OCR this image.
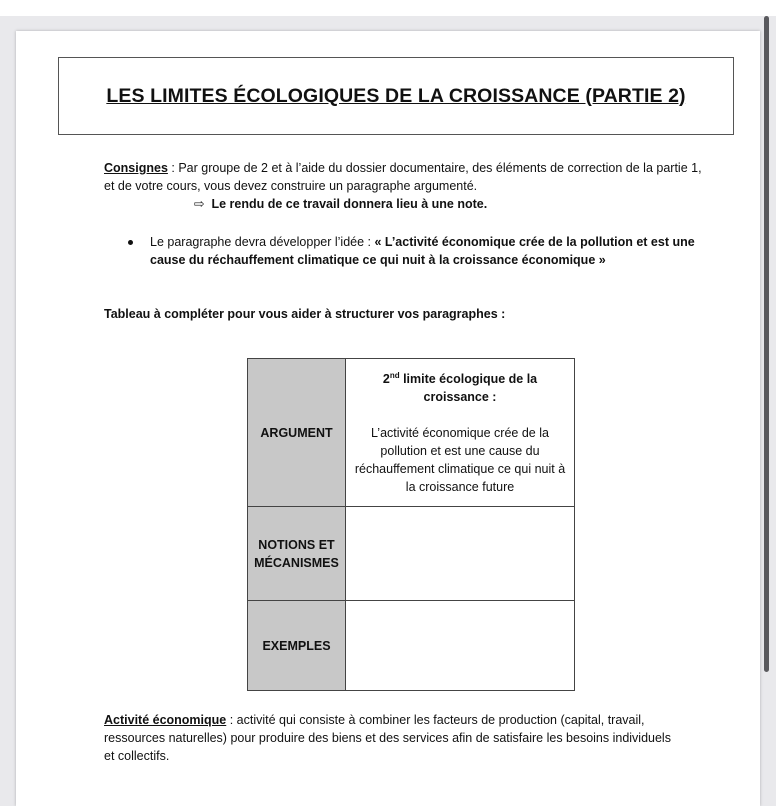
LES LIMITES ÉCOLOGIQUES DE LA CROISSANCE (PARTIE 2)

Consignes : Par groupe de 2 et à l’aide du dossier documentaire, des éléments de correction de la partie 1, et de votre cours, vous devez construire un paragraphe argumenté.

⇨ Le rendu de ce travail donnera lieu à une note.

Le paragraphe devra développer l’idée : « L’activité économique crée de la pollution et est une cause du réchauffement climatique ce qui nuit à la croissance économique »

Tableau à compléter pour vous aider à structurer vos paragraphes :

ARGUMENT	2nd limite écologique de la croissance :
L’activité économique crée de la pollution et est une cause du réchauffement climatique ce qui nuit à la croissance future

NOTIONS ET MÉCANISMES	
EXEMPLES	

Activité économique : activité qui consiste à combiner les facteurs de production (capital, travail, ressources naturelles) pour produire des biens et des services afin de satisfaire les besoins individuels et collectifs.
